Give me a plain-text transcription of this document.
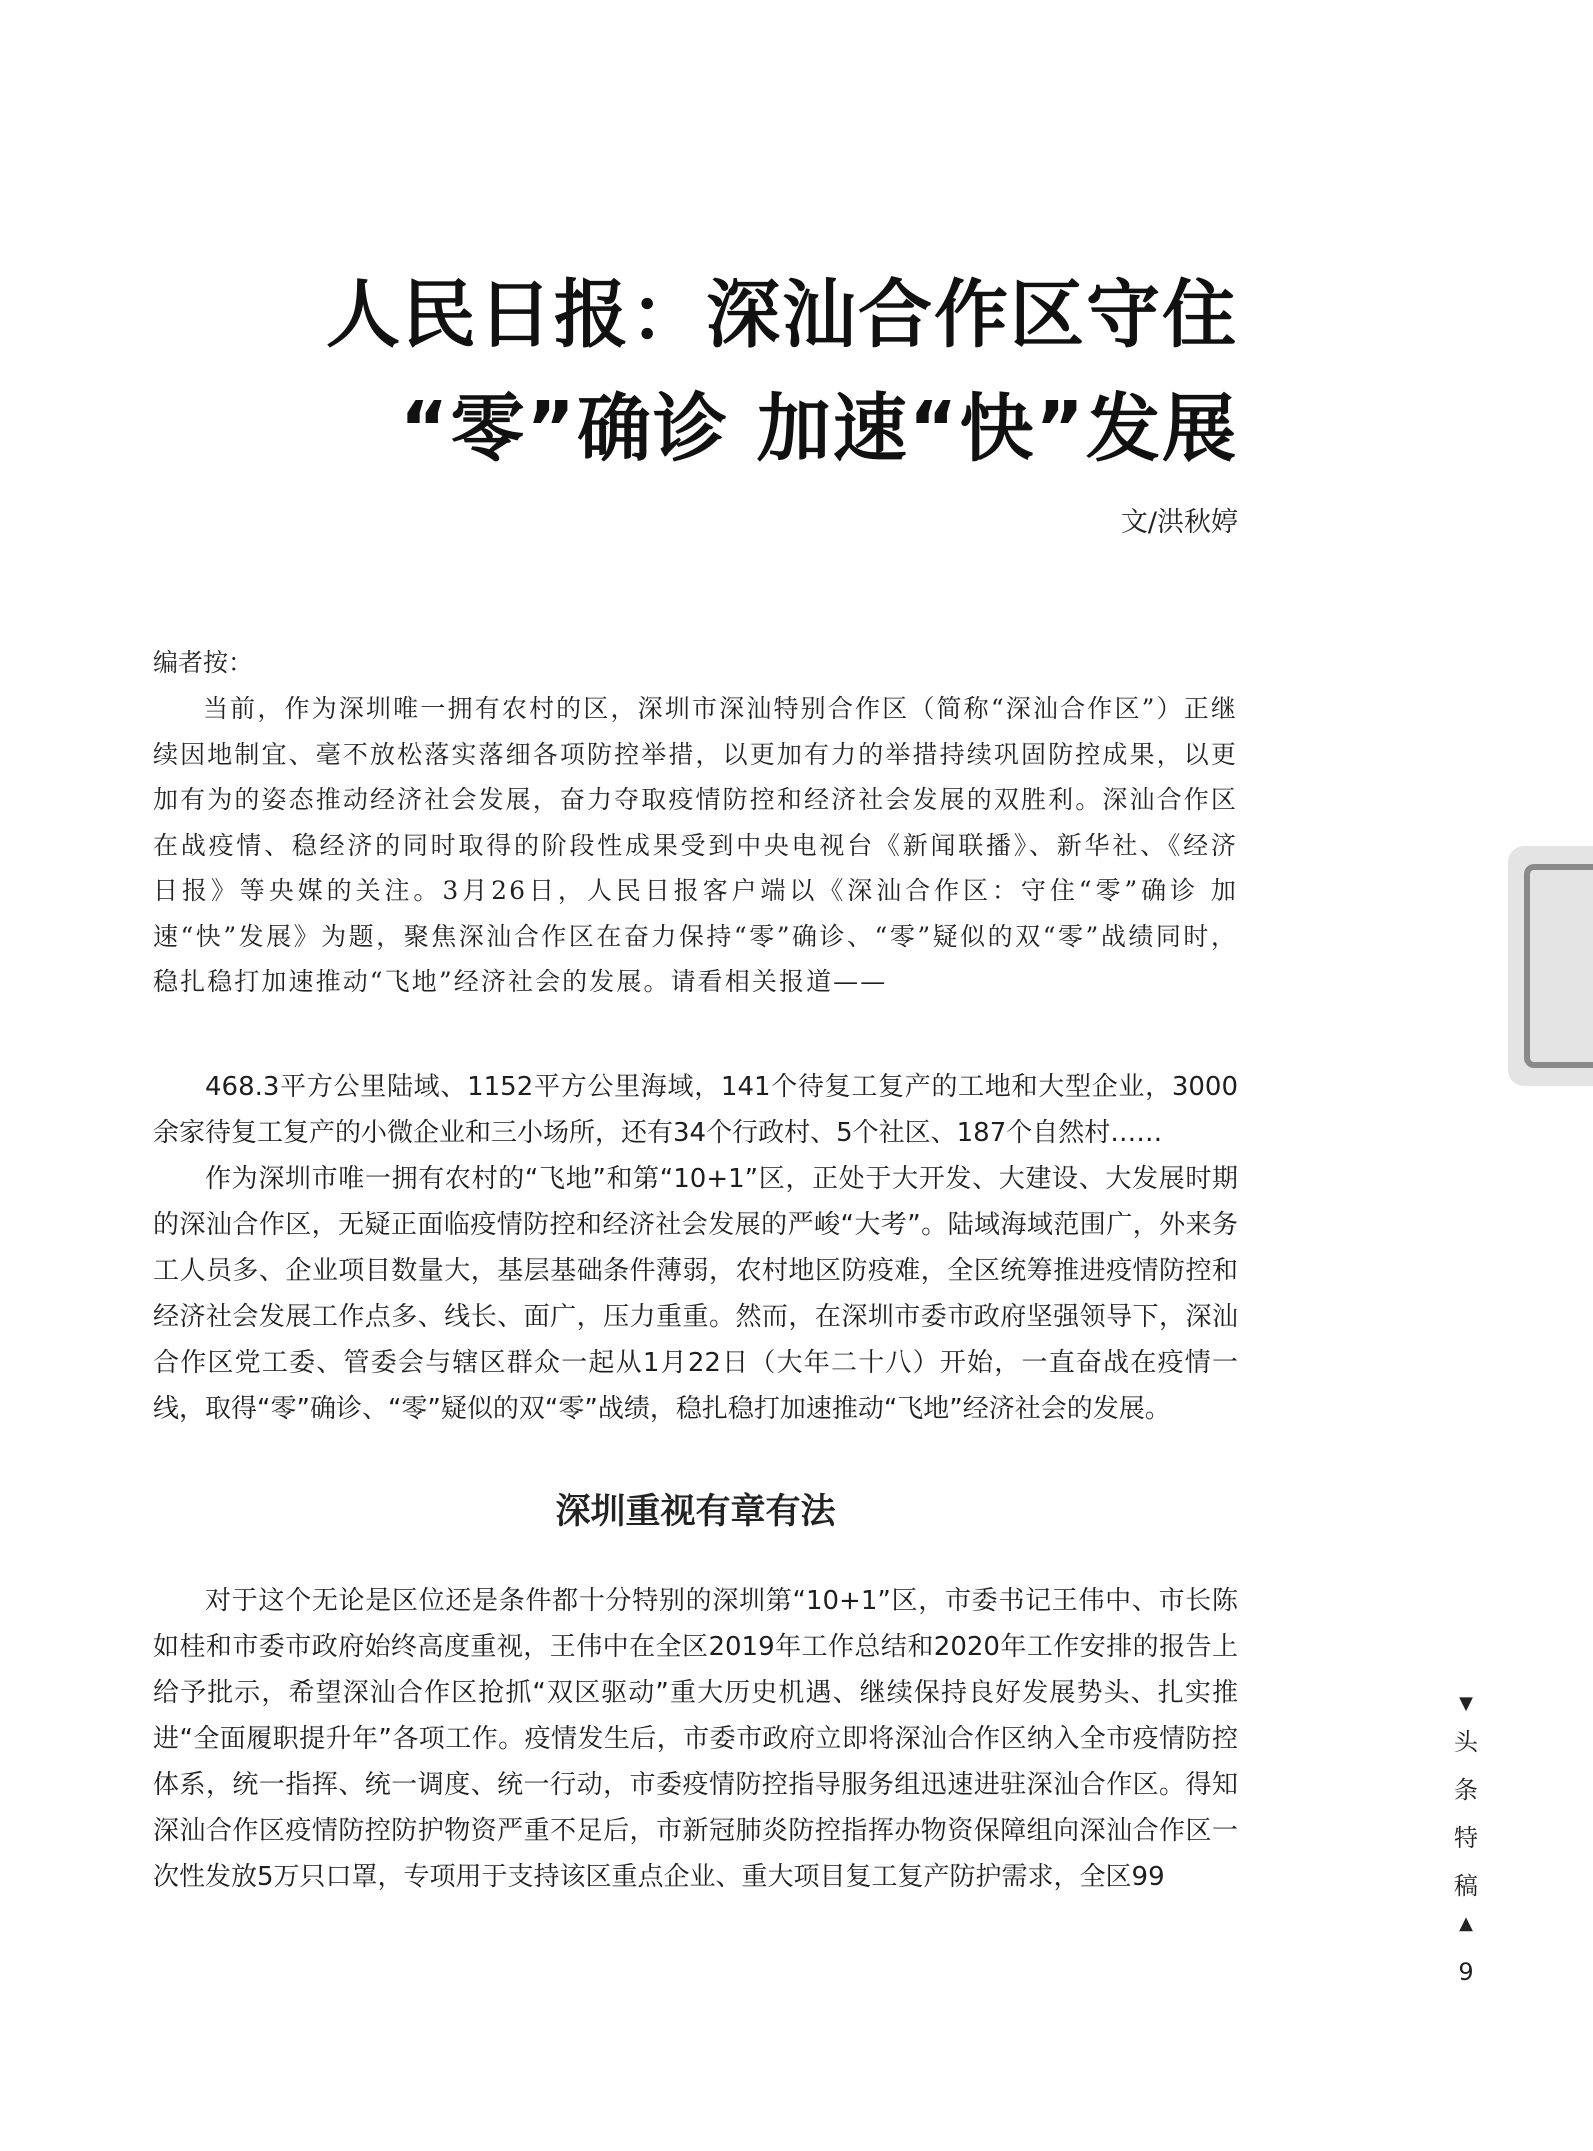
人民日报：深汕合作区守住
“零”确诊 加速“快”发展
文/洪秋婷

编者按：

当前，作为深圳唯一拥有农村的区，深圳市深汕特别合作区（简称“深汕合作区”）正继续因地制宜、毫不放松落实落细各项防控举措，以更加有力的举措持续巩固防控成果，以更加有为的姿态推动经济社会发展，奋力夺取疫情防控和经济社会发展的双胜利。深汕合作区在战疫情、稳经济的同时取得的阶段性成果受到中央电视台《新闻联播》、新华社、《经济日报》等央媒的关注。3月26日，人民日报客户端以《深汕合作区：守住“零”确诊 加速“快”发展》为题，聚焦深汕合作区在奋力保持“零”确诊、“零”疑似的双“零”战绩同时，稳扎稳打加速推动“飞地”经济社会的发展。请看相关报道——

468.3平方公里陆域、1152平方公里海域，141个待复工复产的工地和大型企业，3000余家待复工复产的小微企业和三小场所，还有34个行政村、5个社区、187个自然村……

作为深圳市唯一拥有农村的“飞地”和第“10+1”区，正处于大开发、大建设、大发展时期的深汕合作区，无疑正面临疫情防控和经济社会发展的严峻“大考”。陆域海域范围广，外来务工人员多、企业项目数量大，基层基础条件薄弱，农村地区防疫难，全区统筹推进疫情防控和经济社会发展工作点多、线长、面广，压力重重。然而，在深圳市委市政府坚强领导下，深汕合作区党工委、管委会与辖区群众一起从1月22日（大年二十八）开始，一直奋战在疫情一线，取得“零”确诊、“零”疑似的双“零”战绩，稳扎稳打加速推动“飞地”经济社会的发展。

深圳重视有章有法

对于这个无论是区位还是条件都十分特别的深圳第“10+1”区，市委书记王伟中、市长陈如桂和市委市政府始终高度重视，王伟中在全区2019年工作总结和2020年工作安排的报告上给予批示，希望深汕合作区抢抓“双区驱动”重大历史机遇、继续保持良好发展势头、扎实推进“全面履职提升年”各项工作。疫情发生后，市委市政府立即将深汕合作区纳入全市疫情防控体系，统一指挥、统一调度、统一行动，市委疫情防控指导服务组迅速进驻深汕合作区。得知深汕合作区疫情防控防护物资严重不足后，市新冠肺炎防控指挥办物资保障组向深汕合作区一次性发放5万只口罩，专项用于支持该区重点企业、重大项目复工复产防护需求，全区99

▼
头
条
特
稿
▲
9
